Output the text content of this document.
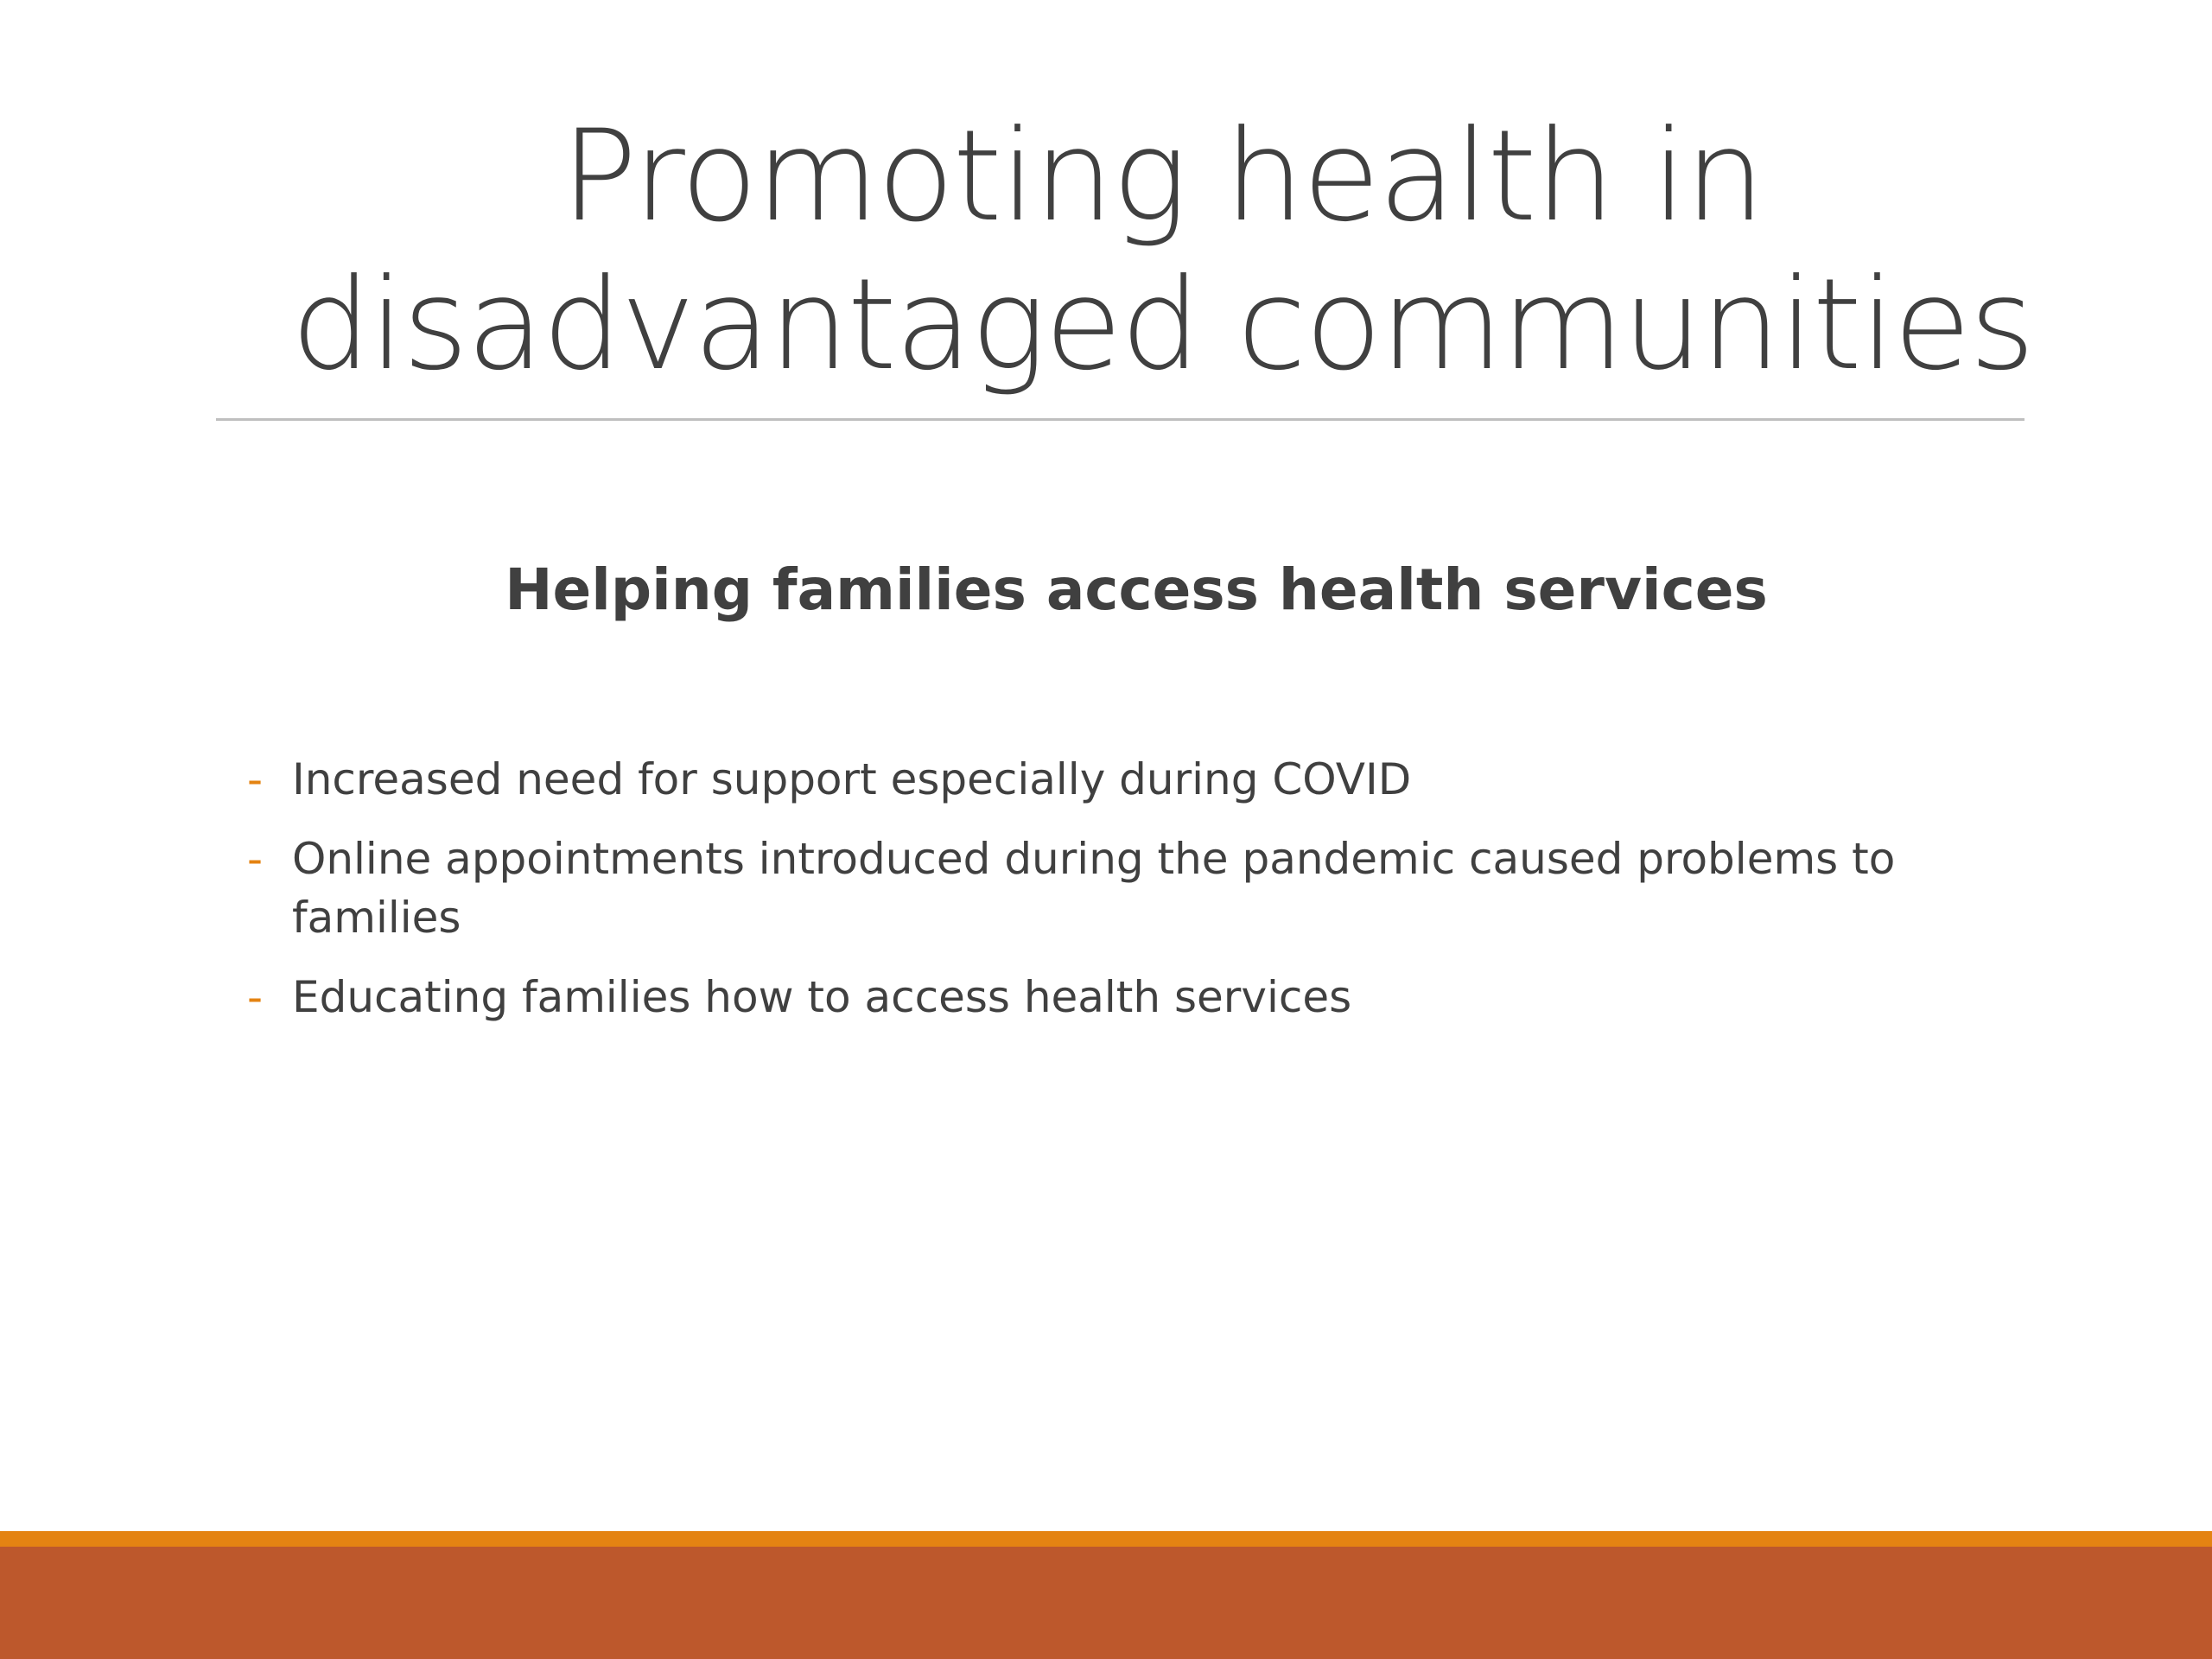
Promoting health in
disadvantaged communities
Helping families access health services
- Increased need for support especially during COVID
- Online appointments introduced during the pandemic caused problems to families
- Educating families how to access health services
